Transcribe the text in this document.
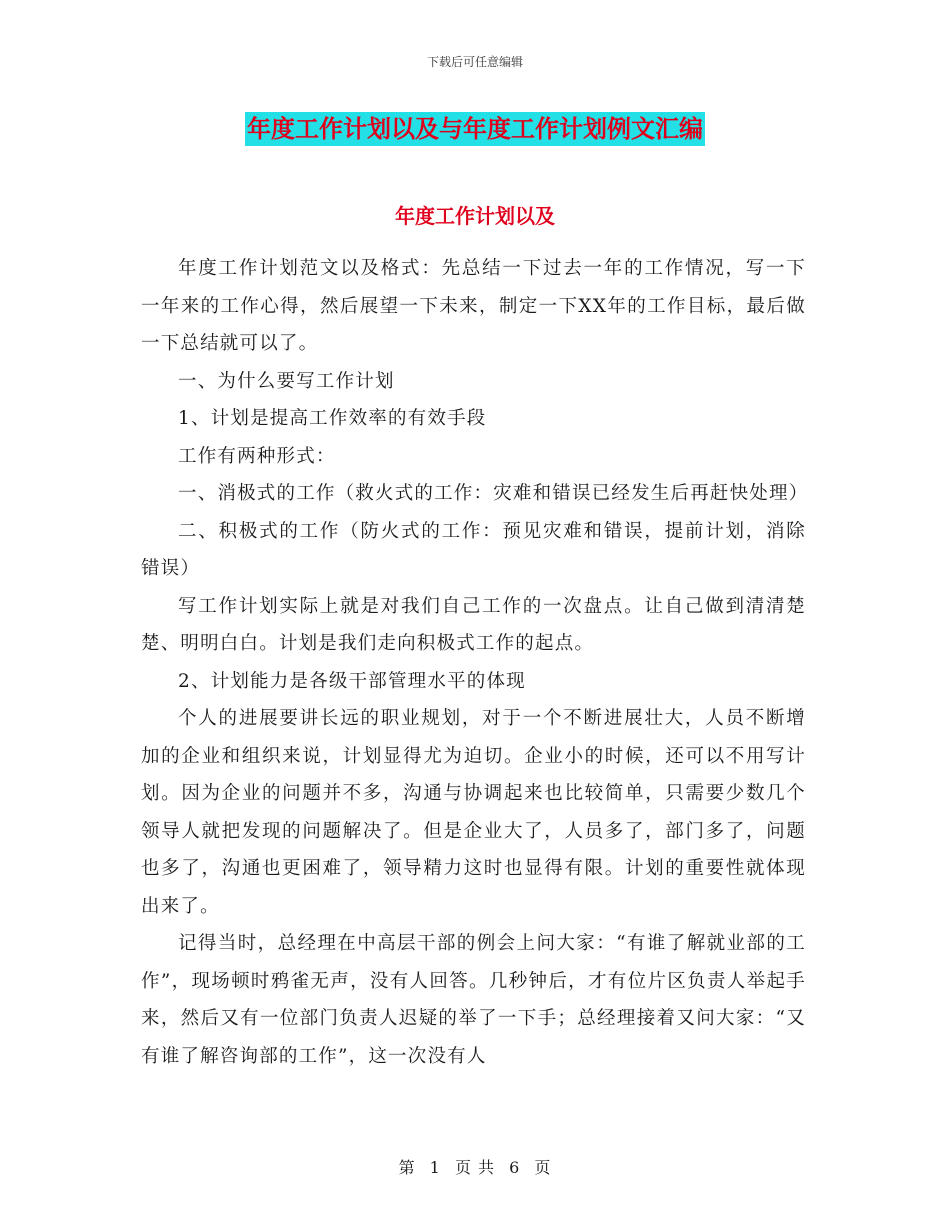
下载后可任意编辑
年度工作计划以及与年度工作计划例文汇编
年度工作计划以及

年度工作计划范文以及格式：先总结一下过去一年的工作情况，写一下一年来的工作心得，然后展望一下未来，制定一下XX年的工作目标，最后做一下总结就可以了。

一、为什么要写工作计划

1、计划是提高工作效率的有效手段

工作有两种形式：

一、消极式的工作（救火式的工作：灾难和错误已经发生后再赶快处理）

二、积极式的工作（防火式的工作：预见灾难和错误，提前计划，消除错误）

写工作计划实际上就是对我们自己工作的一次盘点。让自己做到清清楚楚、明明白白。计划是我们走向积极式工作的起点。

2、计划能力是各级干部管理水平的体现

个人的进展要讲长远的职业规划，对于一个不断进展壮大，人员不断增加的企业和组织来说，计划显得尤为迫切。企业小的时候，还可以不用写计划。因为企业的问题并不多，沟通与协调起来也比较简单，只需要少数几个领导人就把发现的问题解决了。但是企业大了，人员多了，部门多了，问题也多了，沟通也更困难了，领导精力这时也显得有限。计划的重要性就体现出来了。

记得当时，总经理在中高层干部的例会上问大家：“有谁了解就业部的工作”，现场顿时鸦雀无声，没有人回答。几秒钟后，才有位片区负责人举起手来，然后又有一位部门负责人迟疑的举了一下手；总经理接着又问大家：“又有谁了解咨询部的工作”，这一次没有人

第 1 页 共 6 页
